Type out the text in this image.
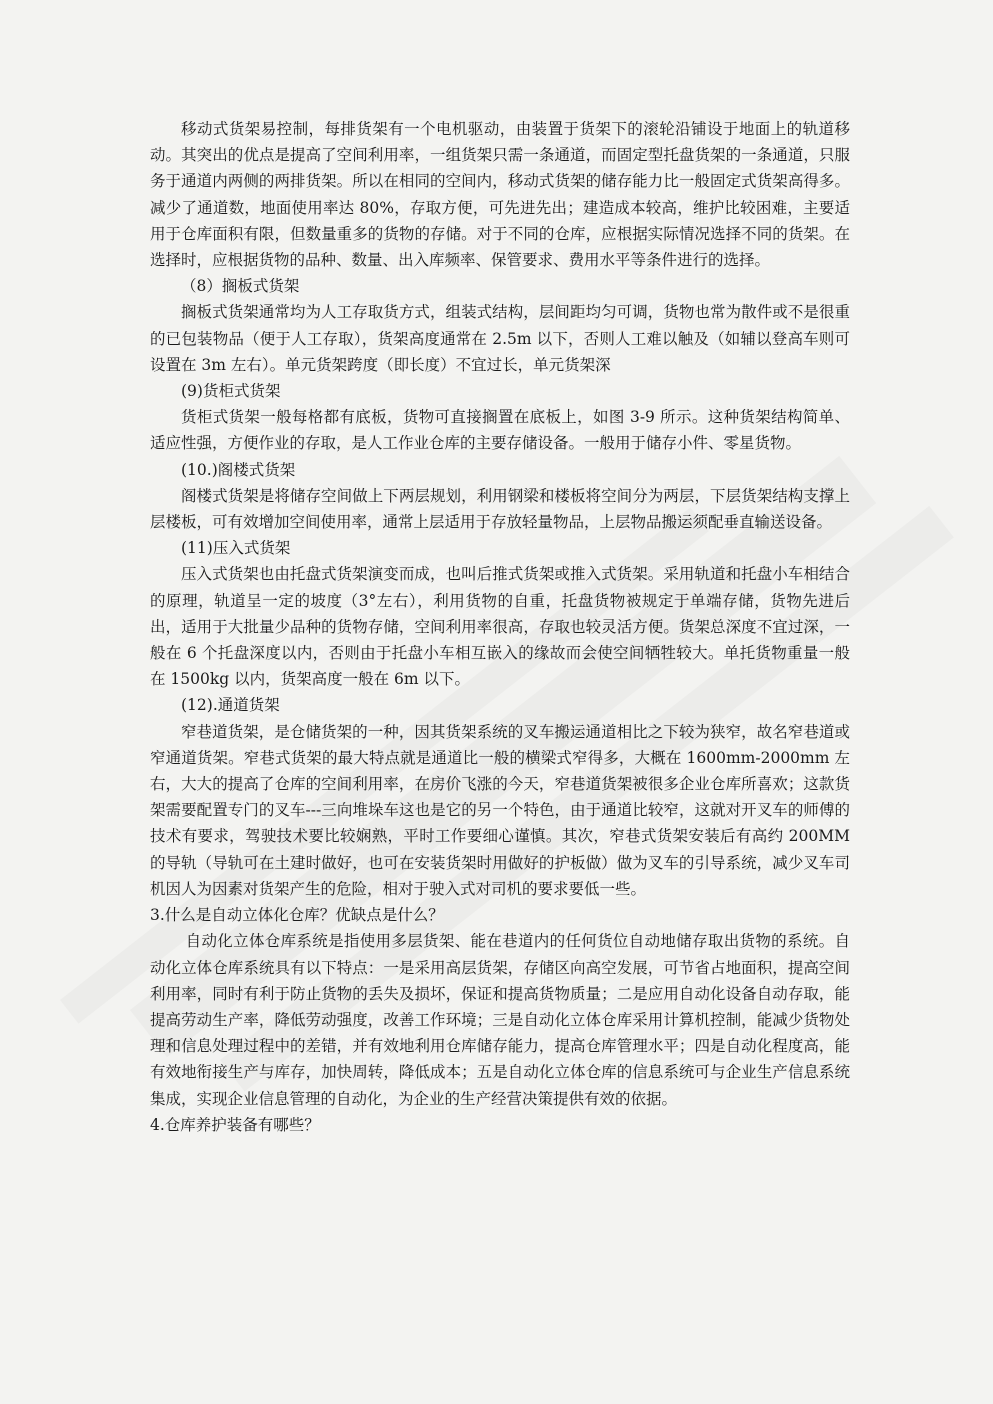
移动式货架易控制，每排货架有一个电机驱动，由装置于货架下的滚轮沿铺设于地面上的轨道移动。其突出的优点是提高了空间利用率，一组货架只需一条通道，而固定型托盘货架的一条通道，只服务于通道内两侧的两排货架。所以在相同的空间内，移动式货架的储存能力比一般固定式货架高得多。减少了通道数，地面使用率达 80%，存取方便，可先进先出；建造成本较高，维护比较困难，主要适用于仓库面积有限，但数量重多的货物的存储。对于不同的仓库，应根据实际情况选择不同的货架。在选择时，应根据货物的品种、数量、出入库频率、保管要求、费用水平等条件进行的选择。

（8）搁板式货架

搁板式货架通常均为人工存取货方式，组装式结构，层间距均匀可调，货物也常为散件或不是很重的已包装物品（便于人工存取），货架高度通常在 2.5m 以下，否则人工难以触及（如辅以登高车则可设置在 3m 左右）。单元货架跨度（即长度）不宜过长，单元货架深

(9)货柜式货架

货柜式货架一般每格都有底板，货物可直接搁置在底板上，如图 3-9 所示。这种货架结构简单、适应性强，方便作业的存取，是人工作业仓库的主要存储设备。一般用于储存小件、零星货物。

(10.)阁楼式货架

阁楼式货架是将储存空间做上下两层规划，利用钢梁和楼板将空间分为两层，下层货架结构支撑上层楼板，可有效增加空间使用率，通常上层适用于存放轻量物品，上层物品搬运须配垂直输送设备。

(11)压入式货架

压入式货架也由托盘式货架演变而成，也叫后推式货架或推入式货架。采用轨道和托盘小车相结合的原理，轨道呈一定的坡度（3°左右），利用货物的自重，托盘货物被规定于单端存储，货物先进后出，适用于大批量少品种的货物存储，空间利用率很高，存取也较灵活方便。货架总深度不宜过深，一般在 6 个托盘深度以内，否则由于托盘小车相互嵌入的缘故而会使空间牺牲较大。单托货物重量一般在 1500kg 以内，货架高度一般在 6m 以下。

(12).通道货架

窄巷道货架，是仓储货架的一种，因其货架系统的叉车搬运通道相比之下较为狭窄，故名窄巷道或窄通道货架。窄巷式货架的最大特点就是通道比一般的横梁式窄得多，大概在 1600mm-2000mm 左右，大大的提高了仓库的空间利用率，在房价飞涨的今天，窄巷道货架被很多企业仓库所喜欢；这款货架需要配置专门的叉车---三向堆垛车这也是它的另一个特色，由于通道比较窄，这就对开叉车的师傅的技术有要求，驾驶技术要比较娴熟，平时工作要细心谨慎。其次，窄巷式货架安装后有高约 200MM 的导轨（导轨可在土建时做好，也可在安装货架时用做好的护板做）做为叉车的引导系统，减少叉车司机因人为因素对货架产生的危险，相对于驶入式对司机的要求要低一些。

3.什么是自动立体化仓库？优缺点是什么？

自动化立体仓库系统是指使用多层货架、能在巷道内的任何货位自动地储存取出货物的系统。自动化立体仓库系统具有以下特点：一是采用高层货架，存储区向高空发展，可节省占地面积，提高空间利用率，同时有利于防止货物的丢失及损坏，保证和提高货物质量；二是应用自动化设备自动存取，能提高劳动生产率，降低劳动强度，改善工作环境；三是自动化立体仓库采用计算机控制，能减少货物处理和信息处理过程中的差错，并有效地利用仓库储存能力，提高仓库管理水平；四是自动化程度高，能有效地衔接生产与库存，加快周转，降低成本；五是自动化立体仓库的信息系统可与企业生产信息系统集成，实现企业信息管理的自动化，为企业的生产经营决策提供有效的依据。

4.仓库养护装备有哪些？
